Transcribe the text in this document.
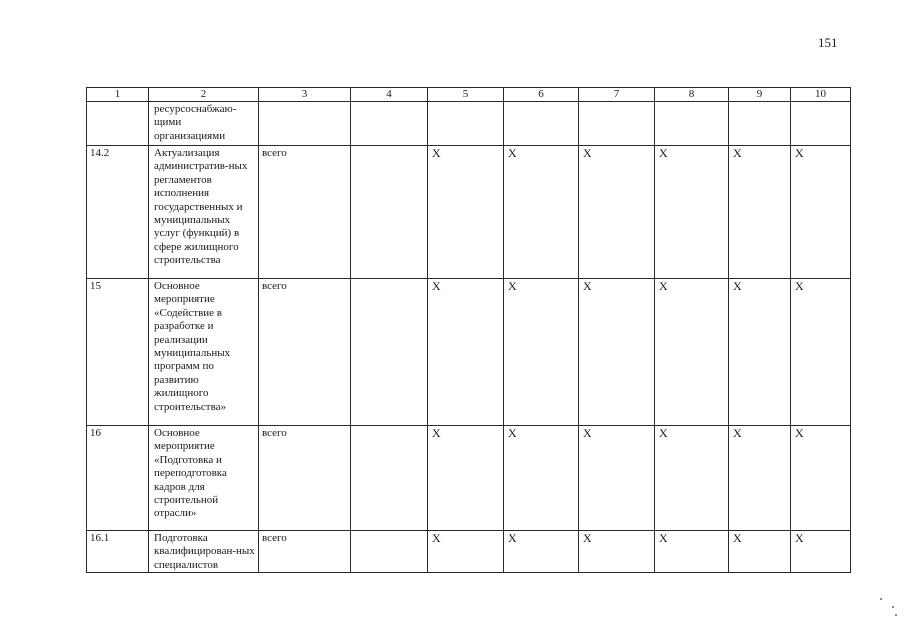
151
1	2	3	4	5	6	7	8	9	10
	ресурсоснабжаю-щими организациями								
14.2	Актуализация административ-ных регламентов исполнения государственных и муниципальных услуг (функций) в сфере жилищного строительства	всего		X	X	X	X	X	X
15	Основное мероприятие «Содействие в разработке и реализации муниципальных программ по развитию жилищного строительства»	всего		X	X	X	X	X	X
16	Основное мероприятие «Подготовка и переподготовка кадров для строительной отрасли»	всего		X	X	X	X	X	X
16.1	Подготовка квалифицирован-ных специалистов	всего		X	X	X	X	X	X
